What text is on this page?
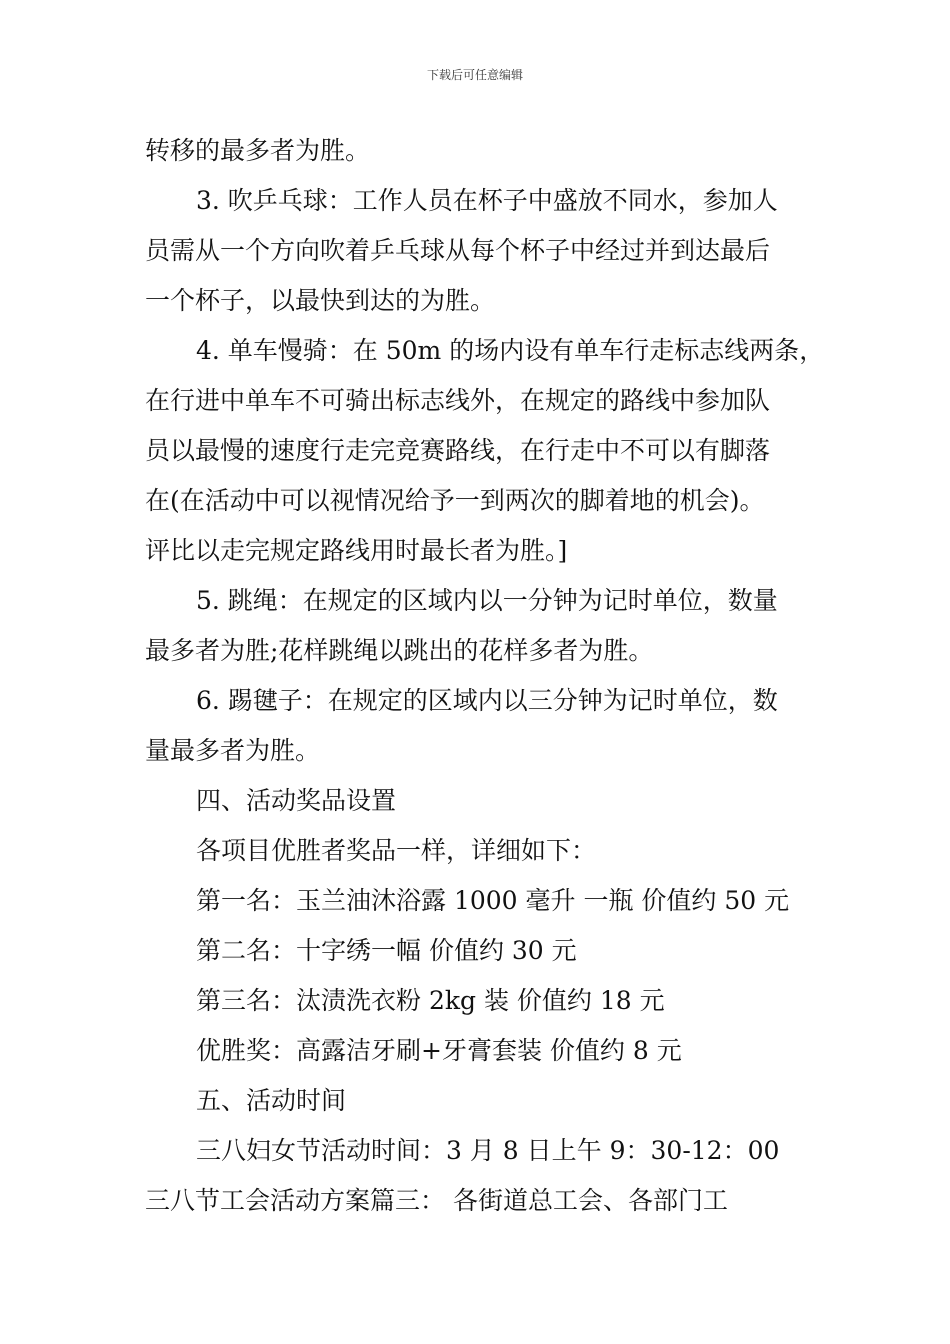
下载后可任意编辑
转移的最多者为胜。
3. 吹乒乓球：工作人员在杯子中盛放不同水，参加人
员需从一个方向吹着乒乓球从每个杯子中经过并到达最后
一个杯子，以最快到达的为胜。
4. 单车慢骑：在 50m 的场内设有单车行走标志线两条，
在行进中单车不可骑出标志线外，在规定的路线中参加队
员以最慢的速度行走完竞赛路线，在行走中不可以有脚落
在(在活动中可以视情况给予一到两次的脚着地的机会)。
评比以走完规定路线用时最长者为胜。]
5. 跳绳：在规定的区域内以一分钟为记时单位，数量
最多者为胜;花样跳绳以跳出的花样多者为胜。
6. 踢毽子：在规定的区域内以三分钟为记时单位，数
量最多者为胜。
四、活动奖品设置
各项目优胜者奖品一样，详细如下：
第一名：玉兰油沐浴露 1000 毫升 一瓶 价值约 50 元
第二名：十字绣一幅 价值约 30 元
第三名：汰渍洗衣粉 2kg 装 价值约 18 元
优胜奖：高露洁牙刷+牙膏套装 价值约 8 元
五、活动时间
三八妇女节活动时间：3 月 8 日上午 9：30-12：00
三八节工会活动方案篇三： 各街道总工会、各部门工
